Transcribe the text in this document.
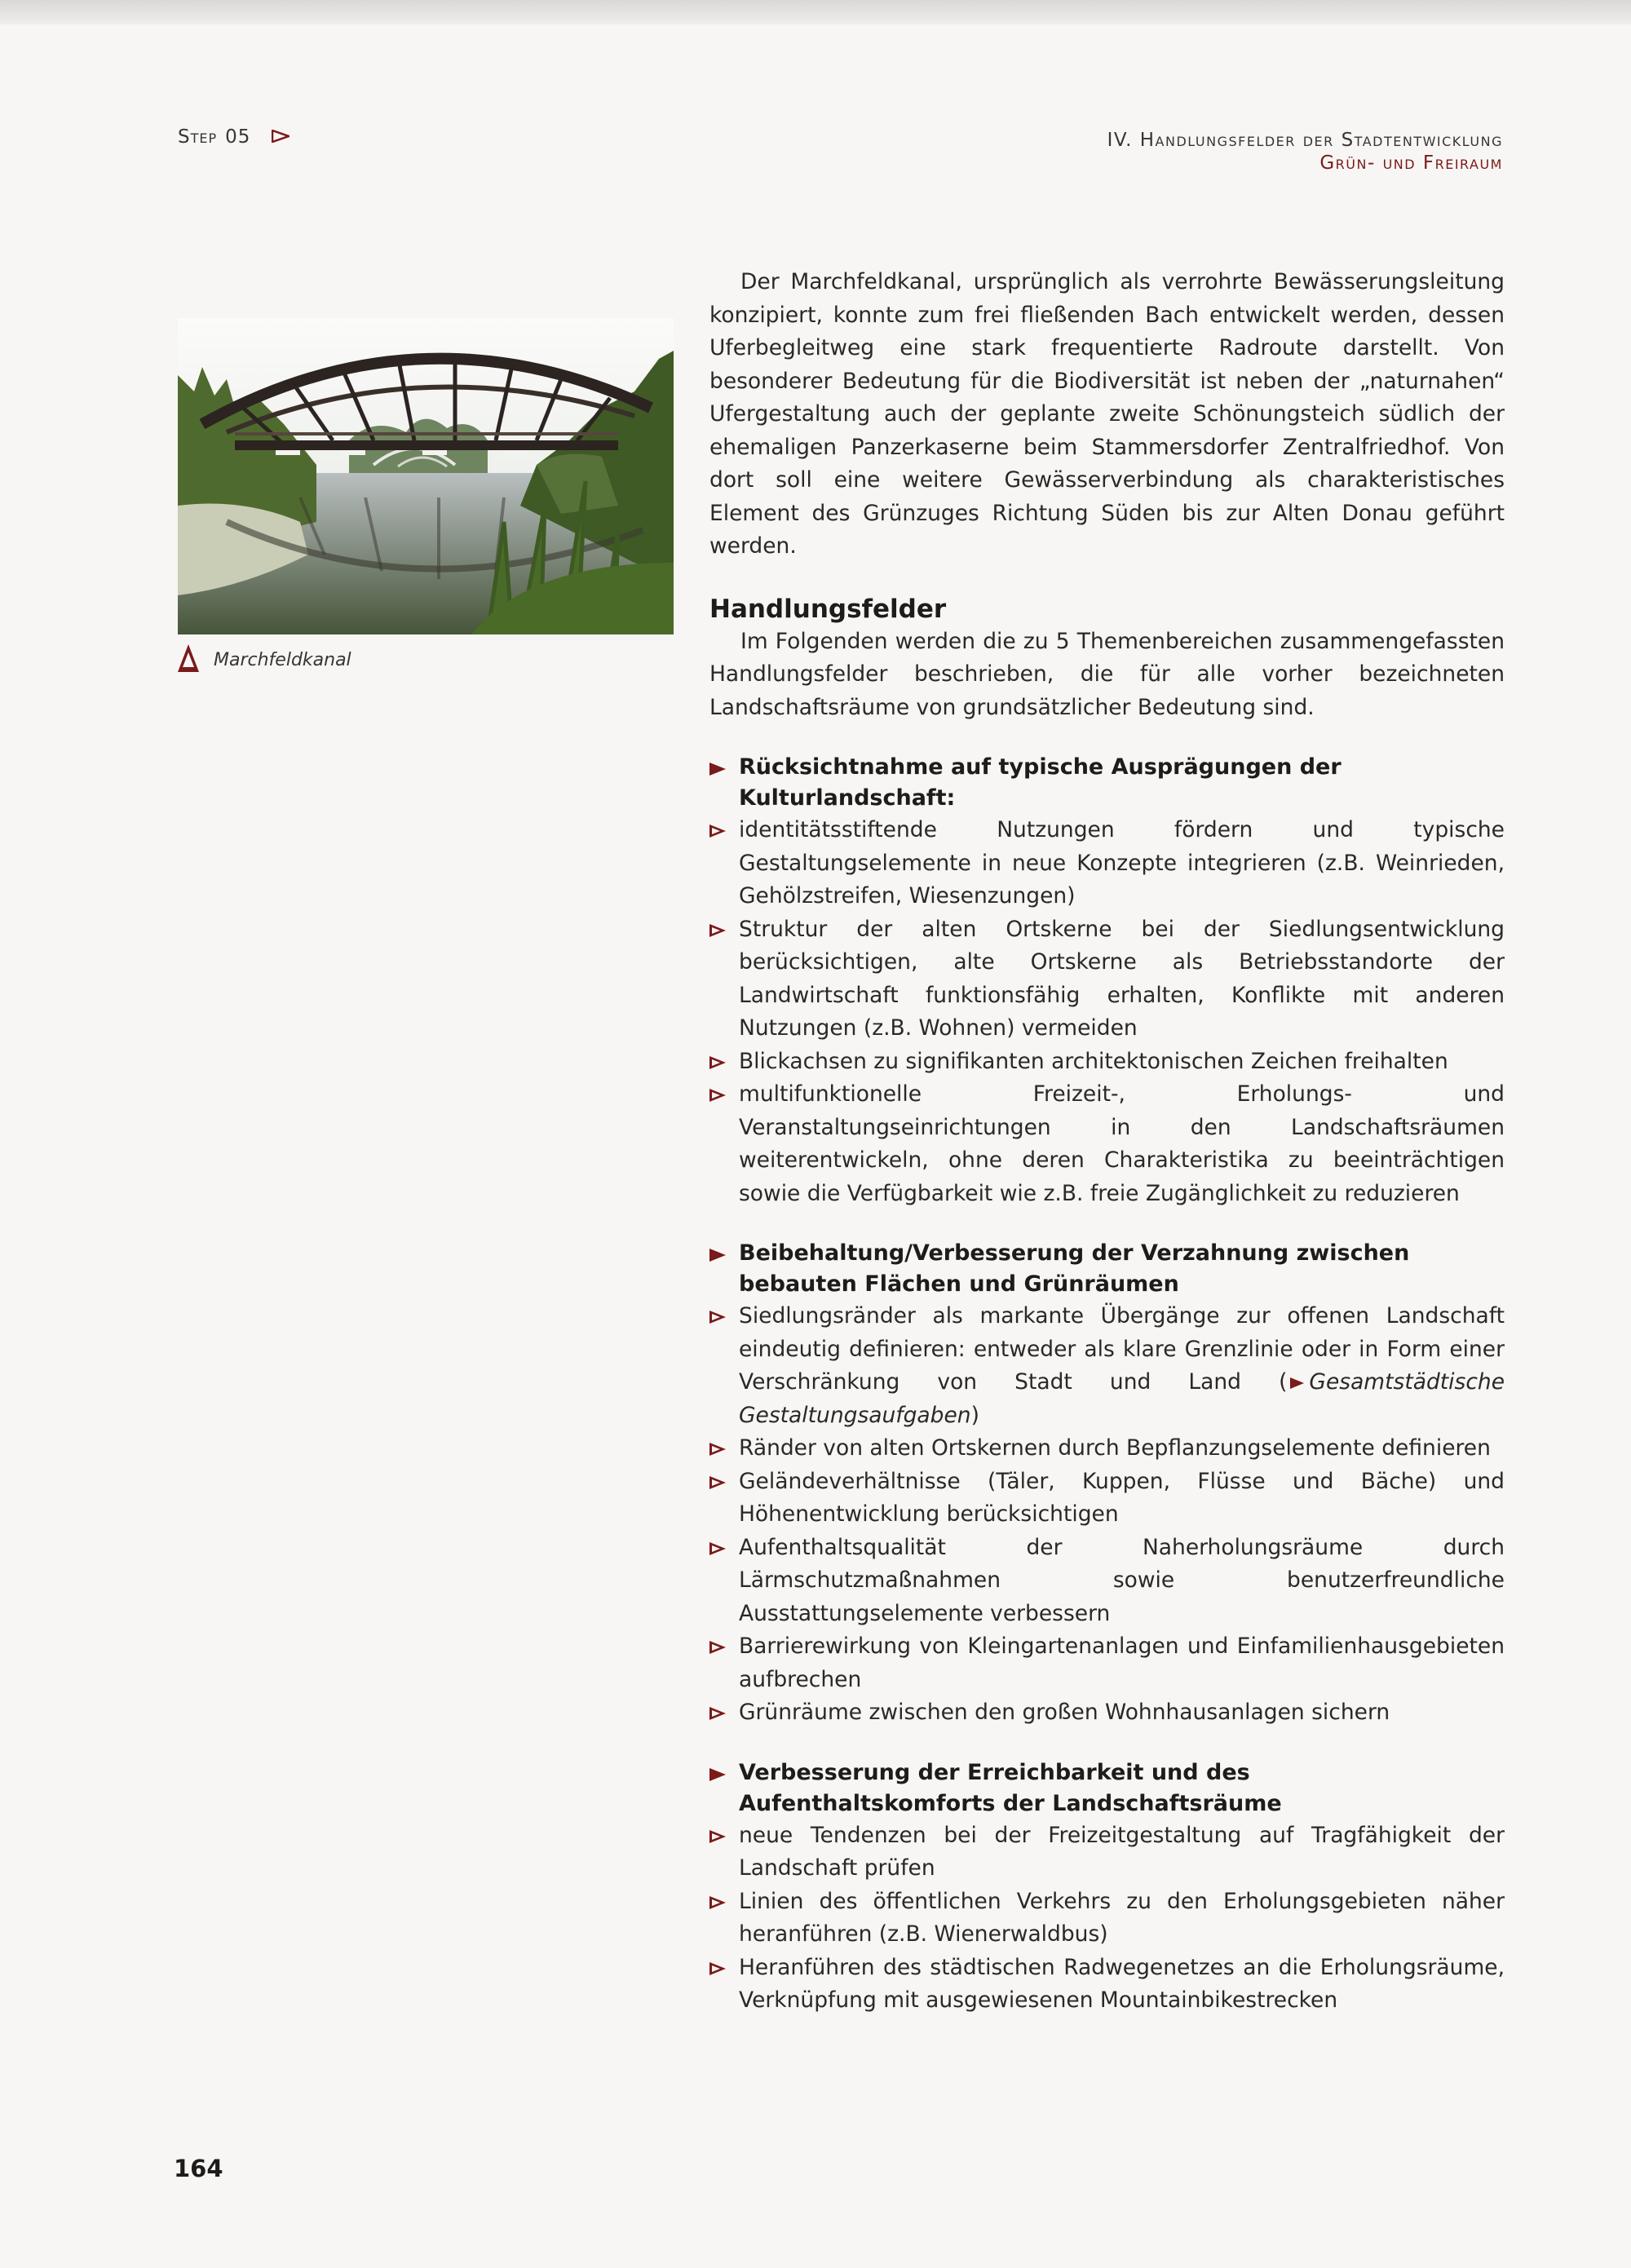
Step 05	IV. Handlungsfelder der Stadtentwicklung
Grün- und Freiraum
Marchfeldkanal

Der Marchfeldkanal, ursprünglich als verrohrte Bewässerungsleitung konzipiert, konnte zum frei fließenden Bach entwickelt werden, dessen Uferbegleitweg eine stark frequentierte Radroute darstellt. Von besonderer Bedeutung für die Biodiversität ist neben der „naturnahen“ Ufergestaltung auch der geplante zweite Schönungsteich südlich der ehemaligen Panzerkaserne beim Stammersdorfer Zentralfriedhof. Von dort soll eine weitere Gewässerverbindung als charakteristisches Element des Grünzuges Richtung Süden bis zur Alten Donau geführt werden.

Handlungsfelder

Im Folgenden werden die zu 5 Themenbereichen zusammengefassten Handlungsfelder beschrieben, die für alle vorher bezeichneten Landschaftsräume von grundsätzlicher Bedeutung sind.

Rücksichtnahme auf typische Ausprägungen der Kulturlandschaft:

identitätsstiftende Nutzungen fördern und typische Gestaltungselemente in neue Konzepte integrieren (z.B. Weinrieden, Gehölzstreifen, Wiesenzungen)

Struktur der alten Ortskerne bei der Siedlungsentwicklung berücksichtigen, alte Ortskerne als Betriebsstandorte der Landwirtschaft funktionsfähig erhalten, Konflikte mit anderen Nutzungen (z.B. Wohnen) vermeiden

Blickachsen zu signifikanten architektonischen Zeichen freihalten

multifunktionelle Freizeit-, Erholungs- und Veranstaltungseinrichtungen in den Landschaftsräumen weiterentwickeln, ohne deren Charakteristika zu beeinträchtigen sowie die Verfügbarkeit wie z.B. freie Zugänglichkeit zu reduzieren

Beibehaltung/Verbesserung der Verzahnung zwischen bebauten Flächen und Grünräumen

Siedlungsränder als markante Übergänge zur offenen Landschaft eindeutig definieren: entweder als klare Grenzlinie oder in Form einer Verschränkung von Stadt und Land ( Gesamtstädtische Gestaltungsaufgaben)

Ränder von alten Ortskernen durch Bepflanzungselemente definieren

Geländeverhältnisse (Täler, Kuppen, Flüsse und Bäche) und Höhenentwicklung berücksichtigen

Aufenthaltsqualität der Naherholungsräume durch Lärmschutzmaßnahmen sowie benutzerfreundliche Ausstattungselemente verbessern

Barrierewirkung von Kleingartenanlagen und Einfamilienhausgebieten aufbrechen

Grünräume zwischen den großen Wohnhausanlagen sichern

Verbesserung der Erreichbarkeit und des Aufenthaltskomforts der Landschaftsräume

neue Tendenzen bei der Freizeitgestaltung auf Tragfähigkeit der Landschaft prüfen

Linien des öffentlichen Verkehrs zu den Erholungsgebieten näher heranführen (z.B. Wienerwaldbus)

Heranführen des städtischen Radwegenetzes an die Erholungsräume, Verknüpfung mit ausgewiesenen Mountainbikestrecken

164
